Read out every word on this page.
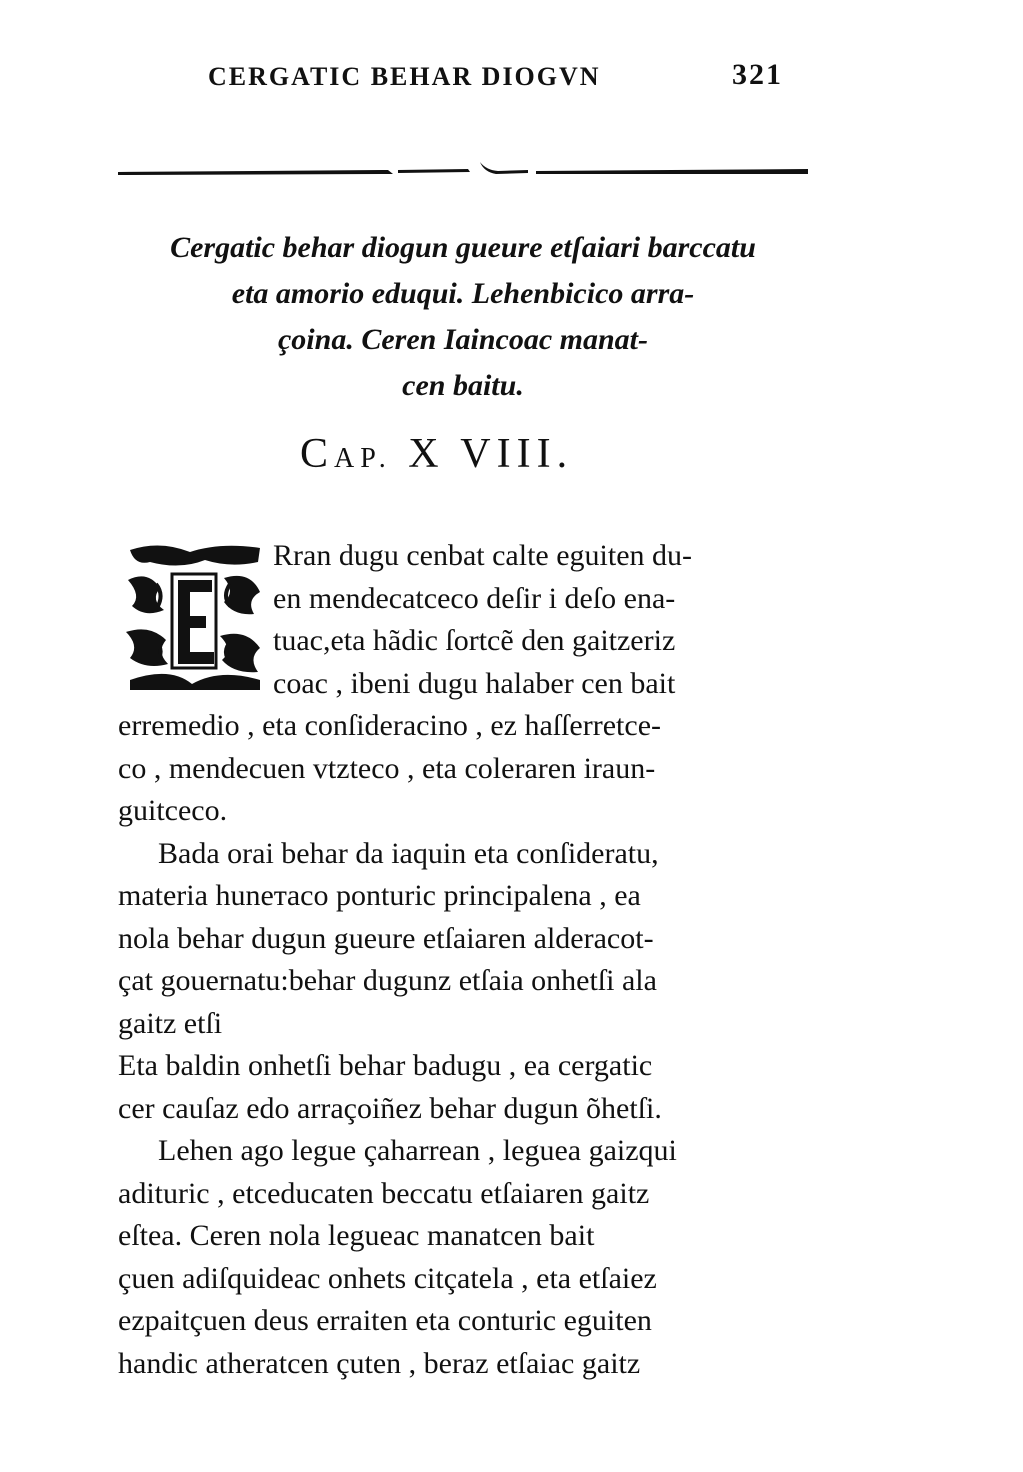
CERGATIC BEHAR DIOGVN	321
Cergatic behar diogun gueure etſaiari barccatu
eta amorio eduqui. Lehenbicico arra-
çoina. Ceren Iaincoac manat-
cen baitu.
CAP. X VIII.
Rran dugu cenbat calte eguiten du-
en mendecatceco deſir i deſo enа-
tuac,eta hãdic ſortcẽ den gaitzeriz
coac , ibeni dugu halaber cen bait
erremedio , eta conſideracino , ez haſſerretce-
co , mendecuen vtzteco , eta coleraren iraun-
guitceco.
Bada orai behar da iaquin eta conſideratu,
materia huneтaco ponturic principalena , ea
nola behar dugun gueure etſaiaren alderacot-
çat gouernatu:behar dugunz etſaia onhetſi ala
gaitz etſi
Eta baldin onhetſi behar badugu , ea cergatic
cer cauſaz edo arraçoiñez behar dugun õhetſi.
Lehen ago legue çaharrean , leguea gaizqui
adituric , etceducaten beccatu etſaiaren gaitz
eſtea. Ceren nola legueac manatcen bait
çuen adiſquideac onhets citçatela , eta etſaiez
ezpaitçuen deus erraiten eta conturic eguiten
handic atheratcen çuten , beraz etſaiac gaitz
